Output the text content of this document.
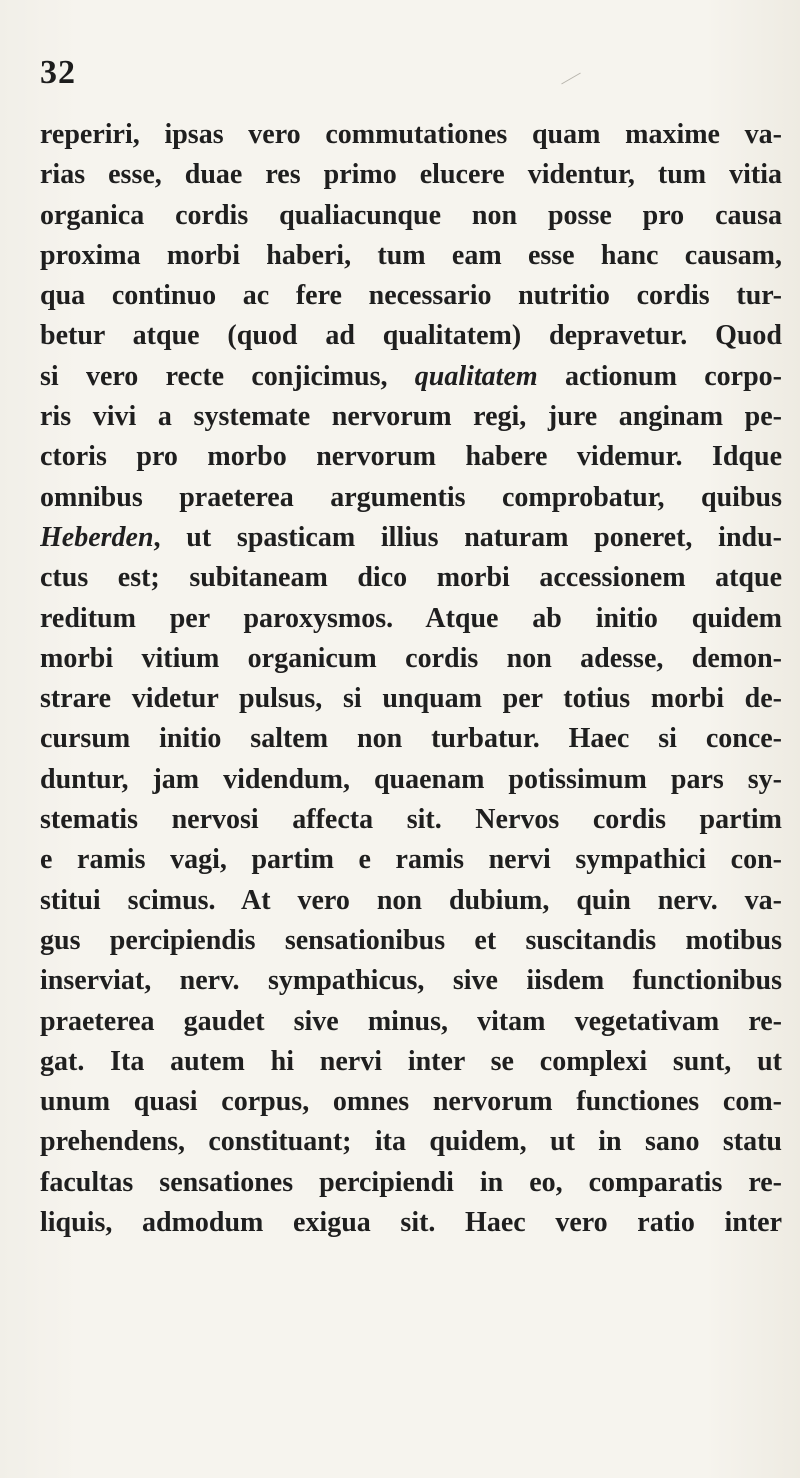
32
reperiri, ipsas vero commutationes quam maxime va-
rias esse, duae res primo elucere videntur, tum vitia
organica cordis qualiacunque non posse pro causa
proxima morbi haberi, tum eam esse hanc causam,
qua continuo ac fere necessario nutritio cordis tur-
betur atque (quod ad qualitatem) depravetur. Quod
si vero recte conjicimus, qualitatem actionum corpo-
ris vivi a systemate nervorum regi, jure anginam pe-
ctoris pro morbo nervorum habere videmur. Idque
omnibus praeterea argumentis comprobatur, quibus
Heberden, ut spasticam illius naturam poneret, indu-
ctus est; subitaneam dico morbi accessionem atque
reditum per paroxysmos. Atque ab initio quidem
morbi vitium organicum cordis non adesse, demon-
strare videtur pulsus, si unquam per totius morbi de-
cursum initio saltem non turbatur. Haec si conce-
duntur, jam videndum, quaenam potissimum pars sy-
stematis nervosi affecta sit. Nervos cordis partim
e ramis vagi, partim e ramis nervi sympathici con-
stitui scimus. At vero non dubium, quin nerv. va-
gus percipiendis sensationibus et suscitandis motibus
inserviat, nerv. sympathicus, sive iisdem functionibus
praeterea gaudet sive minus, vitam vegetativam re-
gat. Ita autem hi nervi inter se complexi sunt, ut
unum quasi corpus, omnes nervorum functiones com-
prehendens, constituant; ita quidem, ut in sano statu
facultas sensationes percipiendi in eo, comparatis re-
liquis, admodum exigua sit. Haec vero ratio inter
